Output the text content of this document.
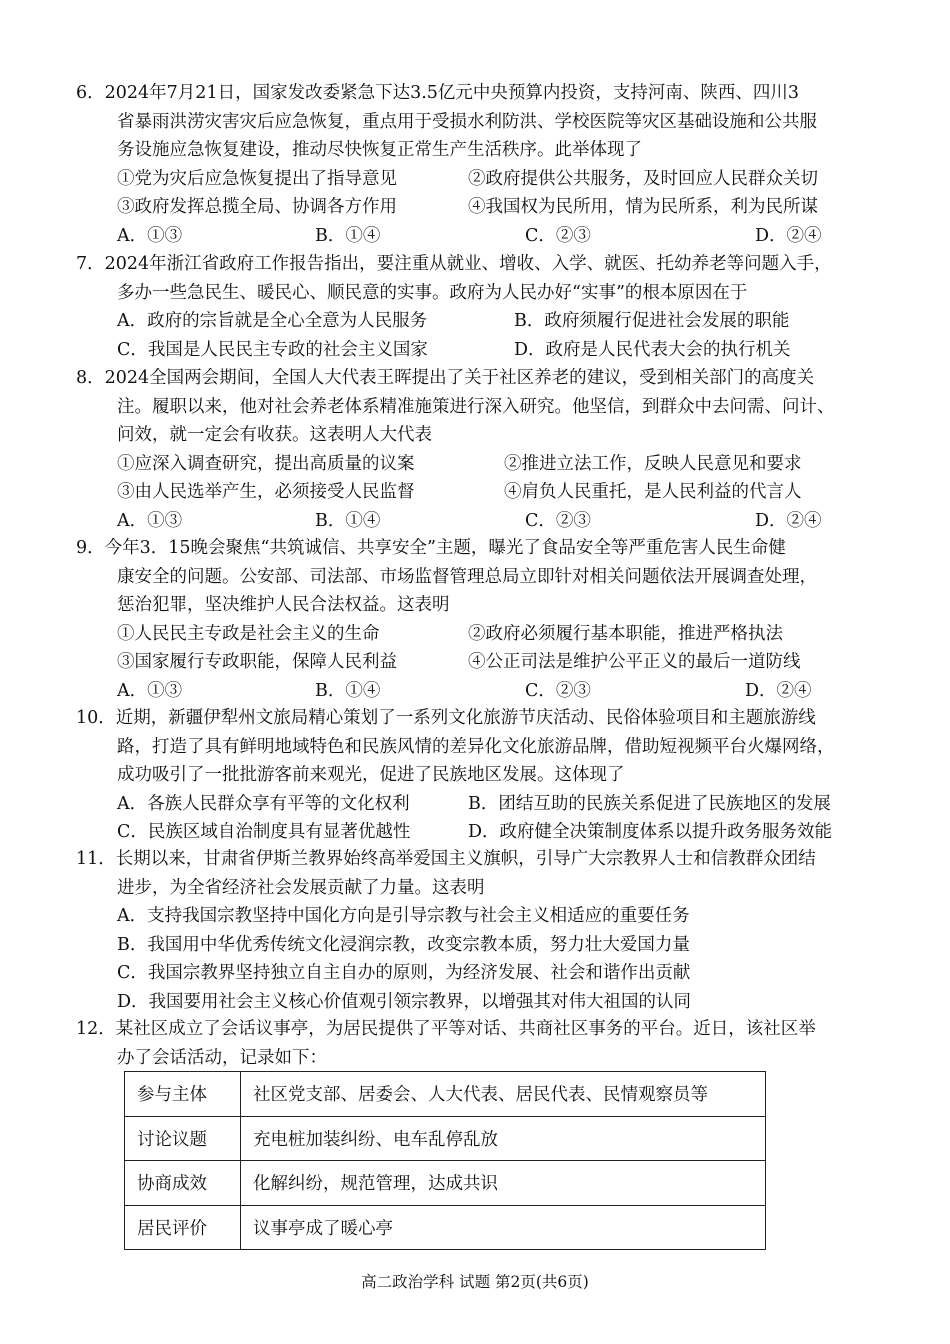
6．2024年7月21日，国家发改委紧急下达3.5亿元中央预算内投资，支持河南、陕西、四川3
省暴雨洪涝灾害灾后应急恢复，重点用于受损水利防洪、学校医院等灾区基础设施和公共服
务设施应急恢复建设，推动尽快恢复正常生产生活秩序。此举体现了

①党为灾后应急恢复提出了指导意见	②政府提供公共服务，及时回应人民群众关切
③政府发挥总揽全局、协调各方作用	④我国权为民所用，情为民所系，利为民所谋
A．①③	B．①④	C．②③	D．②④

7．2024年浙江省政府工作报告指出，要注重从就业、增收、入学、就医、托幼养老等问题入手，
多办一些急民生、暖民心、顺民意的实事。政府为人民办好“实事”的根本原因在于

A．政府的宗旨就是全心全意为人民服务	B．政府须履行促进社会发展的职能
C．我国是人民民主专政的社会主义国家	D．政府是人民代表大会的执行机关

8．2024全国两会期间，全国人大代表王晖提出了关于社区养老的建议，受到相关部门的高度关
注。履职以来，他对社会养老体系精准施策进行深入研究。他坚信，到群众中去问需、问计、
问效，就一定会有收获。这表明人大代表

①应深入调查研究，提出高质量的议案	②推进立法工作，反映人民意见和要求
③由人民选举产生，必须接受人民监督	④肩负人民重托，是人民利益的代言人
A．①③	B．①④	C．②③	D．②④

9．今年3．15晚会聚焦“共筑诚信、共享安全”主题，曝光了食品安全等严重危害人民生命健
康安全的问题。公安部、司法部、市场监督管理总局立即针对相关问题依法开展调查处理，
惩治犯罪，坚决维护人民合法权益。这表明

①人民民主专政是社会主义的生命	②政府必须履行基本职能，推进严格执法
③国家履行专政职能，保障人民利益	④公正司法是维护公平正义的最后一道防线
A．①③	B．①④	C．②③	D．②④

10．近期，新疆伊犁州文旅局精心策划了一系列文化旅游节庆活动、民俗体验项目和主题旅游线
路，打造了具有鲜明地域特色和民族风情的差异化文化旅游品牌，借助短视频平台火爆网络，
成功吸引了一批批游客前来观光，促进了民族地区发展。这体现了

A．各族人民群众享有平等的文化权利	B．团结互助的民族关系促进了民族地区的发展
C．民族区域自治制度具有显著优越性	D．政府健全决策制度体系以提升政务服务效能

11．长期以来，甘肃省伊斯兰教界始终高举爱国主义旗帜，引导广大宗教界人士和信教群众团结
进步，为全省经济社会发展贡献了力量。这表明

A．支持我国宗教坚持中国化方向是引导宗教与社会主义相适应的重要任务
B．我国用中华优秀传统文化浸润宗教，改变宗教本质，努力壮大爱国力量
C．我国宗教界坚持独立自主自办的原则，为经济发展、社会和谐作出贡献
D．我国要用社会主义核心价值观引领宗教界，以增强其对伟大祖国的认同

12．某社区成立了会话议事亭，为居民提供了平等对话、共商社区事务的平台。近日，该社区举
办了会话活动，记录如下：

参与主体	社区党支部、居委会、人大代表、居民代表、民情观察员等
讨论议题	充电桩加装纠纷、电车乱停乱放
协商成效	化解纠纷，规范管理，达成共识
居民评价	议事亭成了暖心亭
高二政治学科 试题 第2页(共6页)
